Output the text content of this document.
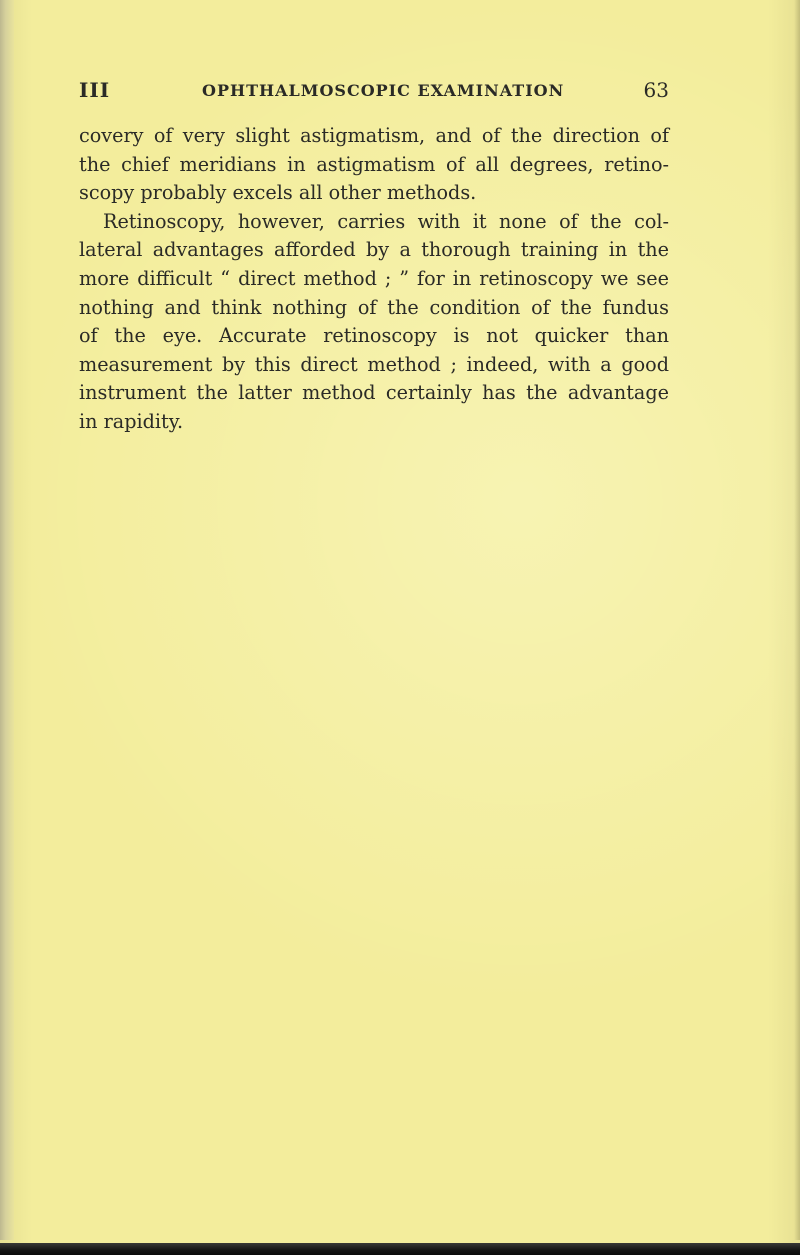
III	OPHTHALMOSCOPIC EXAMINATION	63
covery of very slight astigmatism, and of the direction of
the chief meridians in astigmatism of all degrees, retino-
scopy probably excels all other methods.
Retinoscopy, however, carries with it none of the col-
lateral advantages afforded by a thorough training in the
more difficult “ direct method ; ” for in retinoscopy we see
nothing and think nothing of the condition of the fundus
of the eye. Accurate retinoscopy is not quicker than
measurement by this direct method ; indeed, with a good
instrument the latter method certainly has the advantage
in rapidity.
